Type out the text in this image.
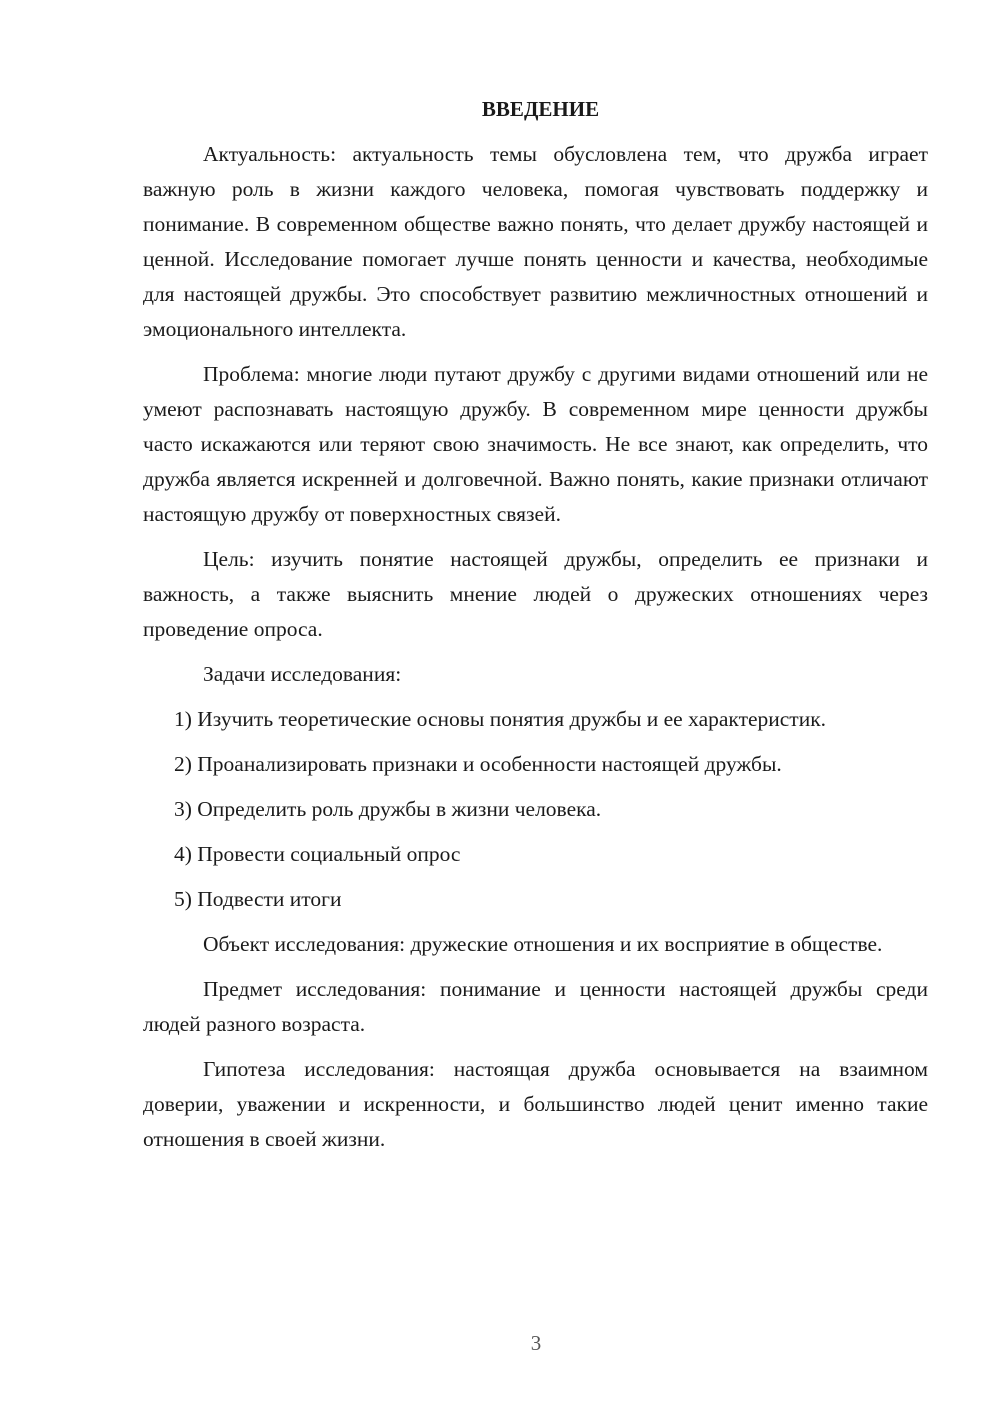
ВВЕДЕНИЕ

Актуальность: актуальность темы обусловлена тем, что дружба играет важную роль в жизни каждого человека, помогая чувствовать поддержку и понимание. В современном обществе важно понять, что делает дружбу настоящей и ценной. Исследование помогает лучше понять ценности и качества, необходимые для настоящей дружбы. Это способствует развитию межличностных отношений и эмоционального интеллекта.

Проблема: многие люди путают дружбу с другими видами отношений или не умеют распознавать настоящую дружбу. В современном мире ценности дружбы часто искажаются или теряют свою значимость. Не все знают, как определить, что дружба является искренней и долговечной. Важно понять, какие признаки отличают настоящую дружбу от поверхностных связей.

Цель: изучить понятие настоящей дружбы, определить ее признаки и важность, а также выяснить мнение людей о дружеских отношениях через проведение опроса.

Задачи исследования:

1) Изучить теоретические основы понятия дружбы и ее характеристик.
2) Проанализировать признаки и особенности настоящей дружбы.
3) Определить роль дружбы в жизни человека.
4) Провести социальный опрос
5) Подвести итоги

Объект исследования: дружеские отношения и их восприятие в обществе.

Предмет исследования: понимание и ценности настоящей дружбы среди людей разного возраста.

Гипотеза исследования: настоящая дружба основывается на взаимном доверии, уважении и искренности, и большинство людей ценит именно такие отношения в своей жизни.

3
